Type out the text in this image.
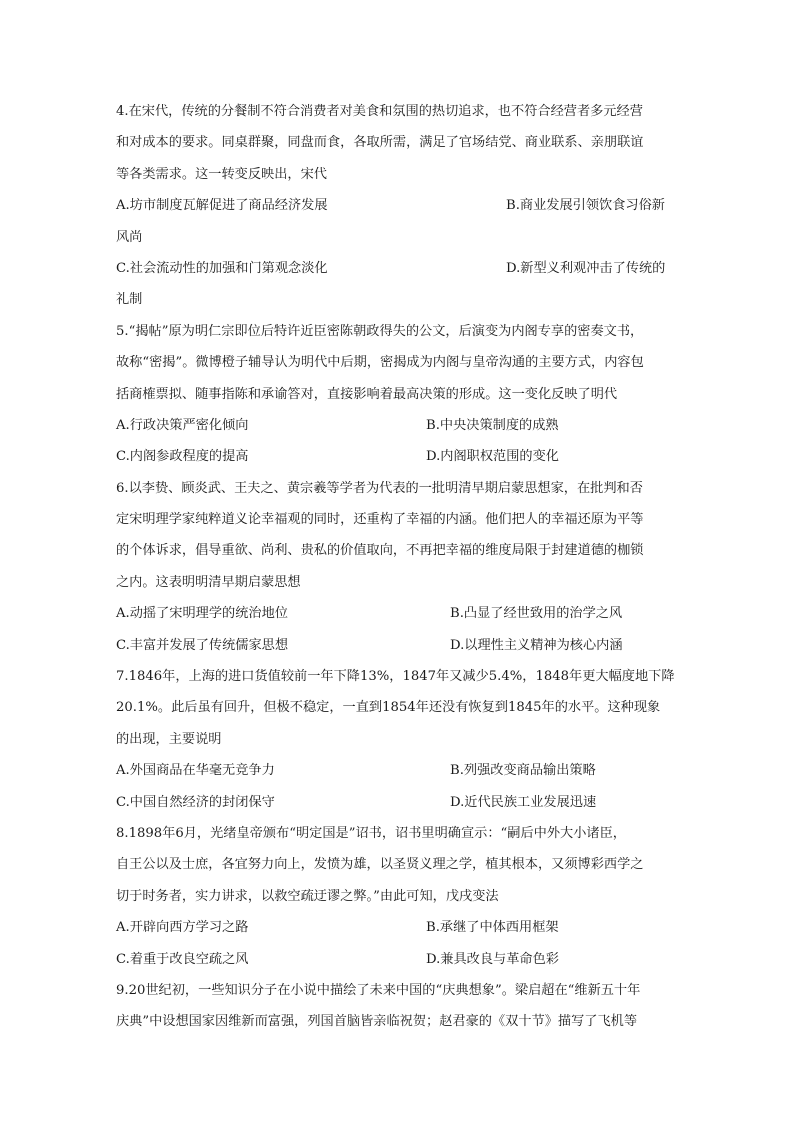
4.在宋代，传统的分餐制不符合消费者对美食和氛围的热切追求，也不符合经营者多元经营
和对成本的要求。同桌群聚，同盘而食，各取所需，满足了官场结党、商业联系、亲朋联谊
等各类需求。这一转变反映出，宋代
A.坊市制度瓦解促进了商品经济发展	B.商业发展引领饮食习俗新
风尚
C.社会流动性的加强和门第观念淡化	D.新型义利观冲击了传统的
礼制
5.“揭帖”原为明仁宗即位后特许近臣密陈朝政得失的公文，后演变为内阁专享的密奏文书，
故称“密揭”。微博橙子辅导认为明代中后期，密揭成为内阁与皇帝沟通的主要方式，内容包
括商榷票拟、随事指陈和承谕答对，直接影响着最高决策的形成。这一变化反映了明代
A.行政决策严密化倾向	B.中央决策制度的成熟
C.内阁参政程度的提高	D.内阁职权范围的变化
6.以李贽、顾炎武、王夫之、黄宗羲等学者为代表的一批明清早期启蒙思想家，在批判和否
定宋明理学家纯粹道义论幸福观的同时，还重构了幸福的内涵。他们把人的幸福还原为平等
的个体诉求，倡导重欲、尚利、贵私的价值取向，不再把幸福的维度局限于封建道德的枷锁
之内。这表明明清早期启蒙思想
A.动摇了宋明理学的统治地位	B.凸显了经世致用的治学之风
C.丰富并发展了传统儒家思想	D.以理性主义精神为核心内涵
7.1846年，上海的进口货值较前一年下降13%，1847年又减少5.4%，1848年更大幅度地下降
20.1%。此后虽有回升，但极不稳定，一直到1854年还没有恢复到1845年的水平。这种现象
的出现，主要说明
A.外国商品在华毫无竞争力	B.列强改变商品输出策略
C.中国自然经济的封闭保守	D.近代民族工业发展迅速
8.1898年6月，光绪皇帝颁布“明定国是”诏书，诏书里明确宣示：“嗣后中外大小诸臣，
自王公以及士庶，各宜努力向上，发愤为雄，以圣贤义理之学，植其根本，又须博彩西学之
切于时务者，实力讲求，以救空疏迂谬之弊。”由此可知，戊戌变法
A.开辟向西方学习之路	B.承继了中体西用框架
C.着重于改良空疏之风	D.兼具改良与革命色彩
9.20世纪初，一些知识分子在小说中描绘了未来中国的“庆典想象”。梁启超在“维新五十年
庆典”中设想国家因维新而富强，列国首脑皆亲临祝贺；赵君豪的《双十节》描写了飞机等
